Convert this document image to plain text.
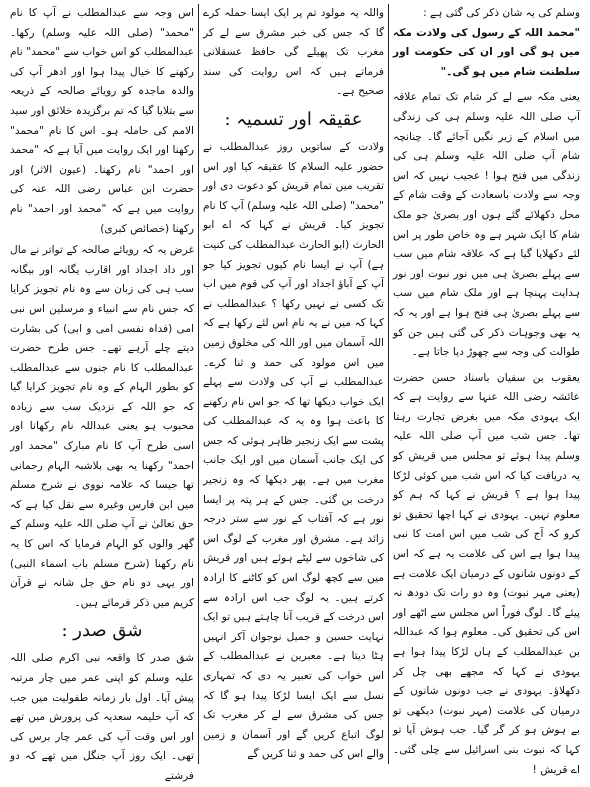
وسلم کی یہ شان ذکر کی گئی ہے :

"محمد اللہ کے رسول کی ولادت مکہ میں ہو گی اور ان کی حکومت اور سلطنت شام میں ہو گی۔"

یعنی مکہ سے لے کر شام تک تمام علاقہ آپ صلی اللہ علیہ وسلم ہی کی زندگی میں اسلام کے زیر نگیں آجائے گا۔ چنانچہ شام آپ صلی اللہ علیہ وسلم ہی کی زندگی میں فتح ہوا ! عجیب نہیں کہ اس وجہ سے ولادت باسعادت کے وقت شام کے محل دکھلائے گئے ہوں اور بصریٰ جو ملک شام کا ایک شہر ہے وہ خاص طور پر اس لئے دکھلایا گیا ہے کہ علاقہ شام میں سب سے پہلے بصریٰ ہی میں نور نبوت اور نور ہدایت پہنچا ہے اور ملک شام میں سب سے پہلے بصریٰ ہی فتح ہوا ہے اور یہ کہ یہ بھی وجوہات ذکر کی گئی ہیں جن کو طوالت کی وجہ سے چھوڑ دیا جاتا ہے۔

یعقوب بن سفیان باسناد حسن حضرت عائشہ رضی اللہ عنہا سے روایت ہے کہ ایک یہودی مکہ میں بغرض تجارت رہتا تھا۔ جس شب میں آپ صلی اللہ علیہ وسلم پیدا ہوئے تو مجلس میں قریش کو یہ دریافت کیا کہ اس شب میں کوئی لڑکا پیدا ہوا ہے ؟ قریش نے کہا کہ ہم کو معلوم نہیں۔ یہودی نے کہا اچھا تحقیق تو کرو کہ آج کی شب میں اس امت کا نبی پیدا ہوا ہے اس کی علامت یہ ہے کہ اس کے دونوں شانوں کے درمیان ایک علامت ہے (یعنی مہر نبوت) وہ دو رات تک دودھ نہ پیئے گا۔ لوگ فوراً اس مجلس سے اٹھے اور اس کی تحقیق کی۔ معلوم ہوا کہ عبداللہ بن عبدالمطلب کے ہاں لڑکا پیدا ہوا ہے یہودی نے کہا کہ مجھے بھی چل کر دکھلاؤ۔ یہودی نے جب دونوں شانوں کے درمیان کی علامت (مہر نبوت) دیکھی تو بے ہوش ہو کر گر گیا۔ جب ہوش آیا تو کہا کہ نبوت بنی اسرائیل سے چلی گئی۔ اے قریش !

واللہ یہ مولود تم پر ایک ایسا حملہ کرے گا کہ جس کی خبر مشرق سے لے کر مغرب تک پھیلے گی حافظ عسقلانی فرماتے ہیں کہ اس روایت کی سند صحیح ہے۔

عقیقہ اور تسمیہ :

ولادت کے ساتویں روز عبدالمطلب نے حضور علیہ السلام کا عقیقہ کیا اور اس تقریب میں تمام قریش کو دعوت دی اور "محمد" (صلی اللہ علیہ وسلم) آپ کا نام تجویز کیا۔ قریش نے کہا کہ اے ابو الحارث (ابو الحارث عبدالمطلب کی کنیت ہے) آپ نے ایسا نام کیوں تجویز کیا جو آپ کے آباؤ اجداد اور آپ کی قوم میں اب تک کسی نے نہیں رکھا ؟ عبدالمطلب نے کہا کہ میں نے یہ نام اس لئے رکھا ہے کہ اللہ آسمان میں اور اللہ کی مخلوق زمین میں اس مولود کی حمد و ثنا کرے۔ عبدالمطلب نے آپ کی ولادت سے پہلے ایک خواب دیکھا تھا کہ جو اس نام رکھنے کا باعث ہوا وہ یہ کہ عبدالمطلب کی پشت سے ایک زنجیر ظاہر ہوئی کہ جس کی ایک جانب آسمان میں اور ایک جانب مغرب میں ہے۔ پھر دیکھا کہ وہ زنجیر درخت بن گئی۔ جس کے ہر پتہ پر ایسا نور ہے کہ آفتاب کے نور سے ستر درجہ زائد ہے۔ مشرق اور مغرب کے لوگ اس کی شاخوں سے لپٹے ہوئے ہیں اور قریش میں سے کچھ لوگ اس کو کاٹنے کا ارادہ کرتے ہیں۔ یہ لوگ جب اس ارادہ سے اس درخت کے قریب آنا چاہتے ہیں تو ایک نہایت حسین و جمیل نوجوان آکر انہیں ہٹا دیتا ہے۔ معبرین نے عبدالمطلب کے اس خواب کی تعبیر یہ دی کہ تمہاری نسل سے ایک ایسا لڑکا پیدا ہو گا کہ جس کی مشرق سے لے کر مغرب تک لوگ اتباع کریں گے اور آسمان و زمین والے اس کی حمد و ثنا کریں گے

اس وجہ سے عبدالمطلب نے آپ کا نام "محمد" (صلی اللہ علیہ وسلم) رکھا۔ عبدالمطلب کو اس خواب سے "محمد" نام رکھنے کا خیال پیدا ہوا اور ادھر آپ کی والدہ ماجدہ کو رویائے صالحہ کے ذریعہ سے بتلایا گیا کہ تم برگزیدہ خلائق اور سید الامم کی حاملہ ہو۔ اس کا نام "محمد" رکھنا اور ایک روایت میں آیا ہے کہ "محمد اور احمد" نام رکھنا۔ (عیون الاثر) اور حضرت ابن عباس رضی اللہ عنہ کی روایت میں ہے کہ "محمد اور احمد" نام رکھنا (خصائص کبری)

غرض یہ کہ رویائے صالحہ کے تواتر نے مال اور داد اجداد اور اقارب یگانہ اور بیگانہ سب ہی کی زبان سے وہ نام تجویز کرایا کہ جس نام سے انبیاء و مرسلین اس نبی امی (فداہ نفسی امی و ابی) کی بشارت دیتے چلے آرہے تھے۔ جس طرح حضرت عبدالمطلب کا نام جنوں سے عبدالمطلب کو بطور الہام کے وہ نام تجویز کرایا گیا کہ جو اللہ کے نزدیک سب سے زیادہ محبوب ہو یعنی عبداللہ نام رکھانا اور اسی طرح آپ کا نام مبارک "محمد اور احمد" رکھنا یہ بھی بلاشبہ الہام رحمانی تھا جیسا کہ علامہ نووی نے شرح مسلم میں ابن فارس وغیرہ سے نقل کیا ہے کہ حق تعالیٰ نے آپ صلی اللہ علیہ وسلم کے گھر والوں کو الہام فرمایا کہ اس کا یہ نام رکھنا (شرح مسلم باب اسماء النبی) اور یہی دو نام حق جل شانہ نے قرآن کریم میں ذکر فرمائے ہیں۔

شق صدر :

شق صدر کا واقعہ نبی اکرم صلی اللہ علیہ وسلم کو اپنی عمر میں چار مرتبہ پیش آیا۔ اول بار زمانہ طفولیت میں جب کہ آپ حلیمہ سعدیہ کی پرورش میں تھے اور اس وقت آپ کی عمر چار برس کی تھی۔ ایک روز آپ جنگل میں تھے کہ دو فرشتے
